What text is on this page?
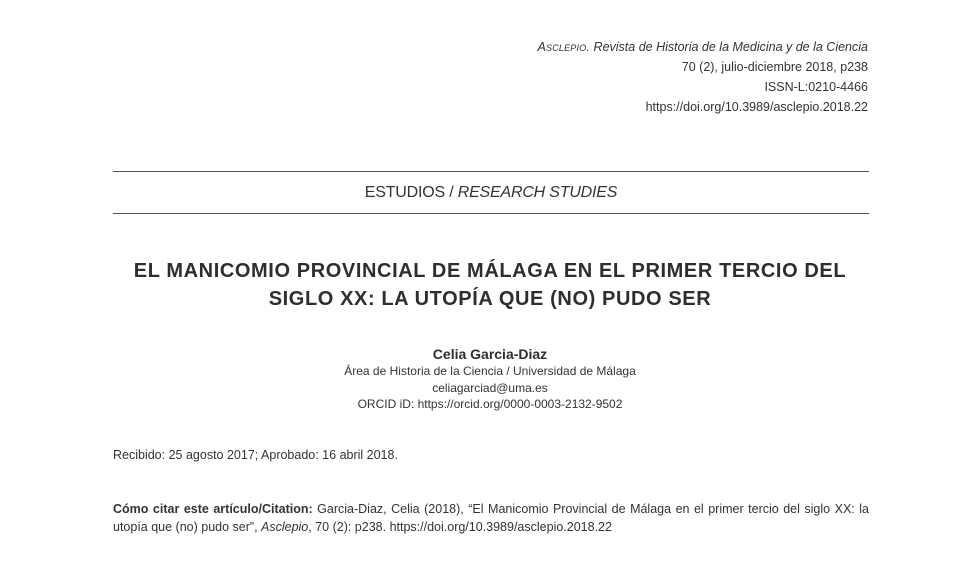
Asclepio. Revista de Historia de la Medicina y de la Ciencia
70 (2), julio-diciembre 2018, p238
ISSN-L:0210-4466
https://doi.org/10.3989/asclepio.2018.22
ESTUDIOS / RESEARCH STUDIES
EL MANICOMIO PROVINCIAL DE MÁLAGA EN EL PRIMER TERCIO DEL
SIGLO XX: LA UTOPÍA QUE (NO) PUDO SER
Celia Garcia-Diaz
Área de Historia de la Ciencia / Universidad de Málaga
celiagarciad@uma.es
ORCID iD: https://orcid.org/0000-0003-2132-9502
Recibido: 25 agosto 2017; Aprobado: 16 abril 2018.
Cómo citar este artículo/Citation: Garcia-Diaz, Celia (2018), “El Manicomio Provincial de Málaga en el primer tercio del siglo XX: la utopía que (no) pudo ser”, Asclepio, 70 (2): p238. https://doi.org/10.3989/asclepio.2018.22
